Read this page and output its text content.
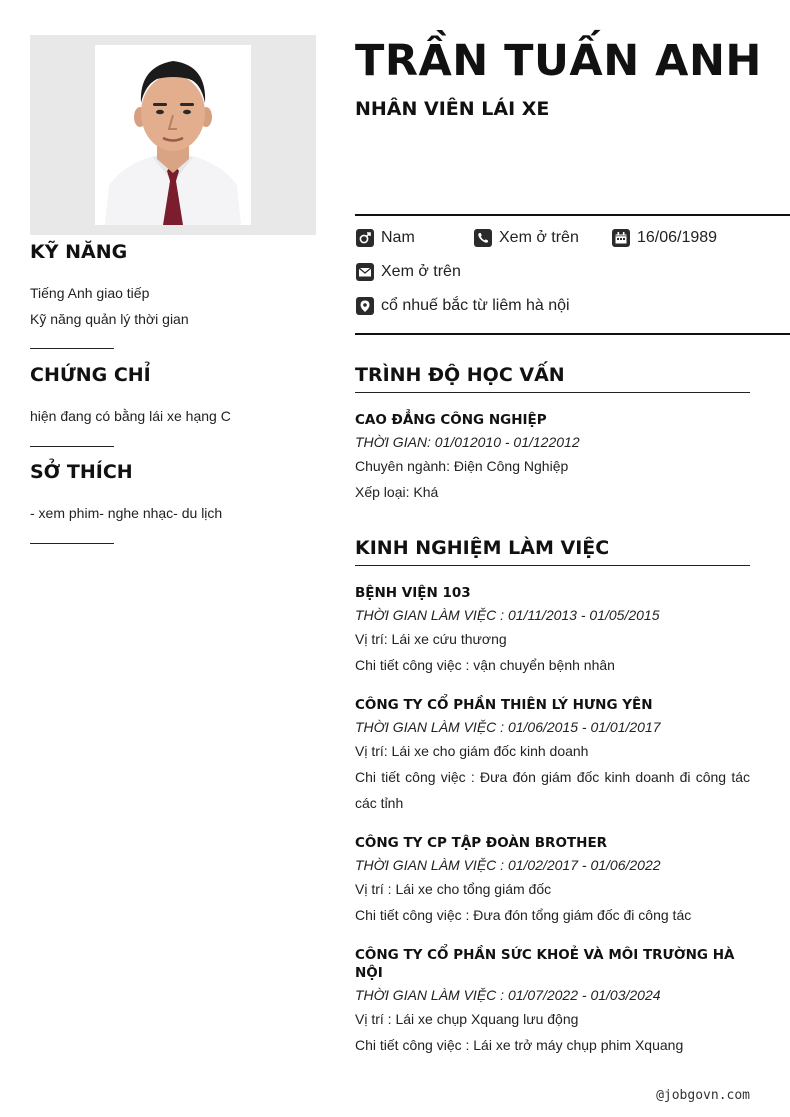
KỸ NĂNG
Tiếng Anh giao tiếp
Kỹ năng quản lý thời gian
CHỨNG CHỈ
hiện đang có bằng lái xe hạng C
SỞ THÍCH
- xem phim- nghe nhạc- du lịch
TRẦN TUẤN ANH
NHÂN VIÊN LÁI XE
Nam	Xem ở trên	16/06/1989
Xem ở trên
cổ nhuế bắc từ liêm hà nội
TRÌNH ĐỘ HỌC VẤN
CAO ĐẲNG CÔNG NGHIỆP
THỜI GIAN: 01/012010 - 01/122012
Chuyên ngành: Điện Công Nghiệp
Xếp loại: Khá
KINH NGHIỆM LÀM VIỆC
BỆNH VIỆN 103
THỜI GIAN LÀM VIỆC : 01/11/2013 - 01/05/2015
Vị trí: Lái xe cứu thương
Chi tiết công việc : vận chuyển bệnh nhân
CÔNG TY CỔ PHẦN THIÊN LÝ HƯNG YÊN
THỜI GIAN LÀM VIỆC : 01/06/2015 - 01/01/2017
Vị trí: Lái xe cho giám đốc kinh doanh
Chi tiết công việc : Đưa đón giám đốc kinh doanh đi công tác các tỉnh
CÔNG TY CP TẬP ĐOÀN BROTHER
THỜI GIAN LÀM VIỆC : 01/02/2017 - 01/06/2022
Vị trí : Lái xe cho tổng giám đốc
Chi tiết công việc : Đưa đón tổng giám đốc đi công tác
CÔNG TY CỔ PHẦN SỨC KHOẺ VÀ MÔI TRƯỜNG HÀ NỘI
THỜI GIAN LÀM VIỆC : 01/07/2022 - 01/03/2024
Vị trí : Lái xe chụp Xquang lưu động
Chi tiết công việc : Lái xe trở máy chụp phim Xquang
@jobgovn.com
